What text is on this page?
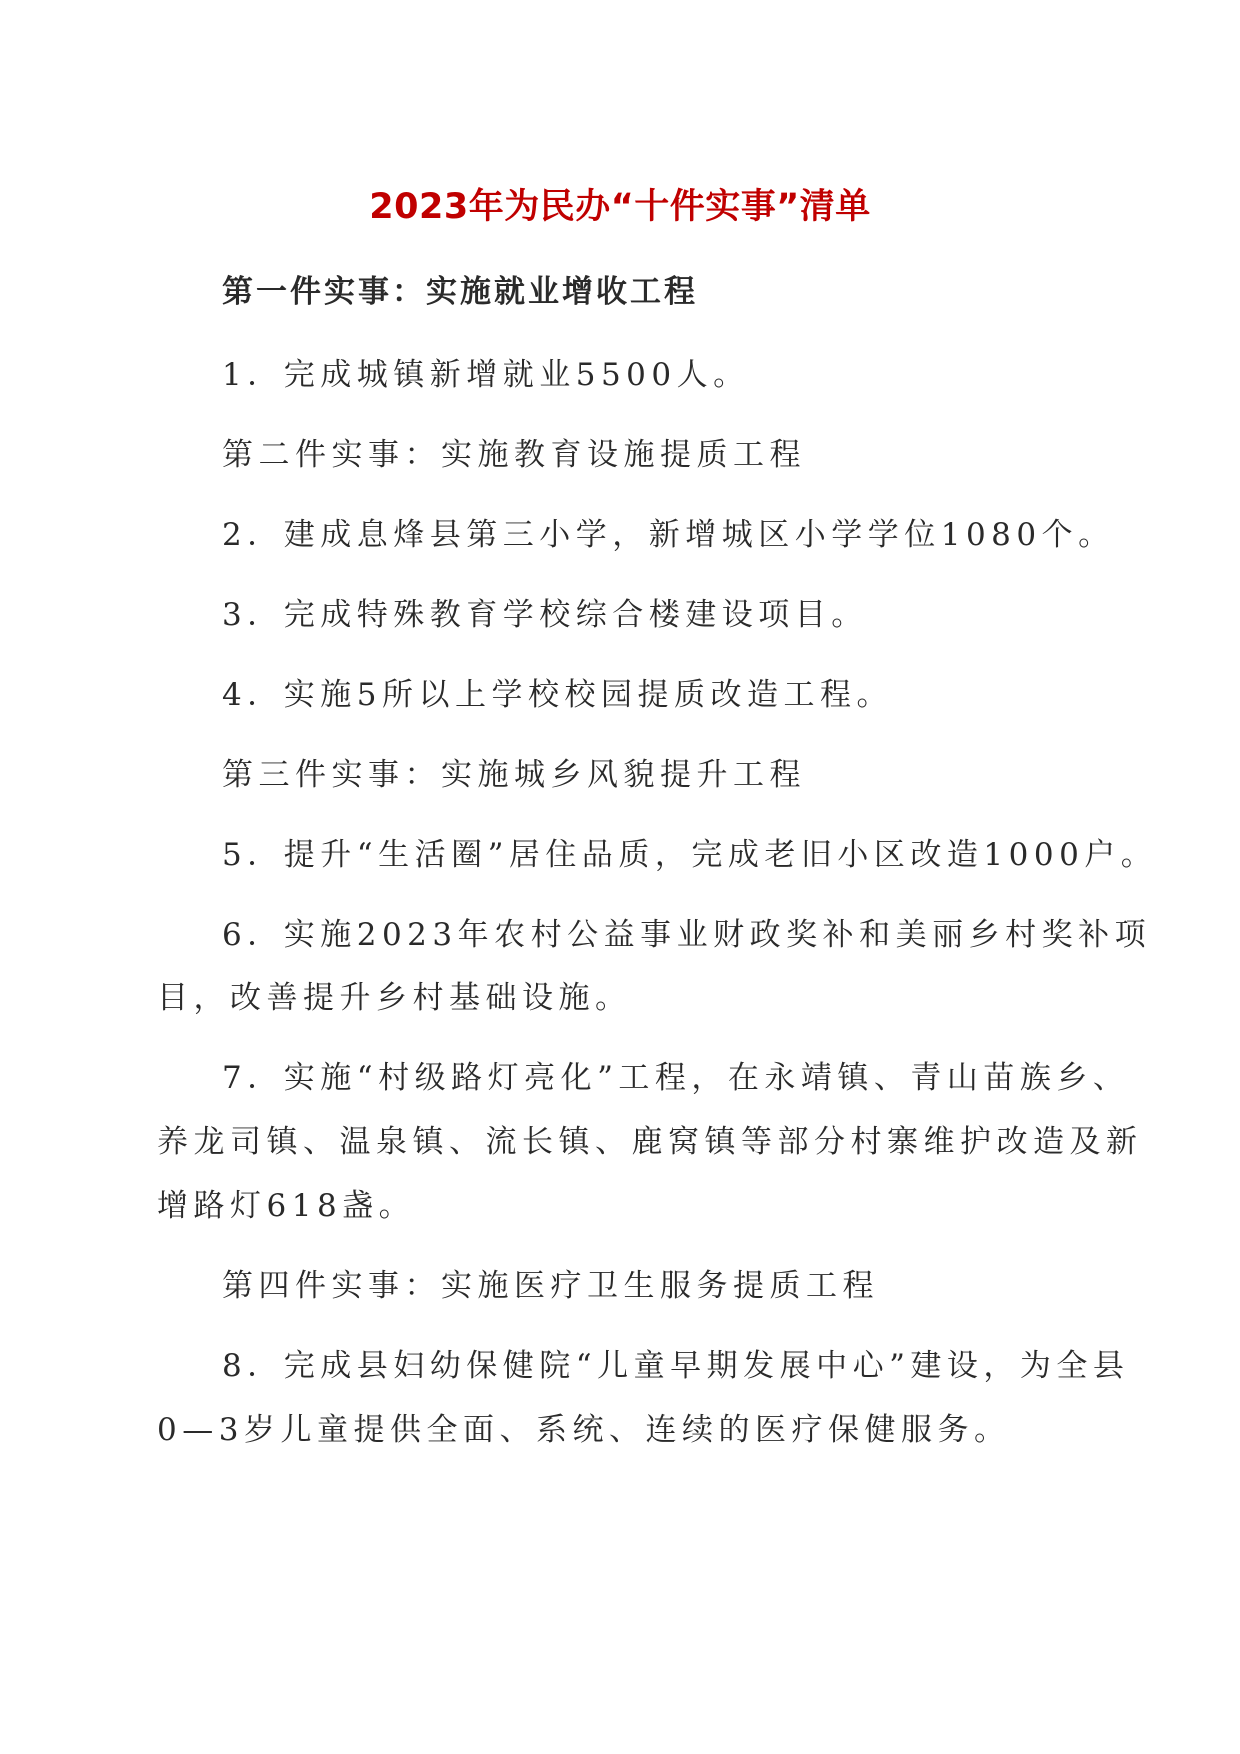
2023年为民办“十件实事”清单
第一件实事：实施就业增收工程
1．完成城镇新增就业5500人。
第二件实事：实施教育设施提质工程
2．建成息烽县第三小学，新增城区小学学位1080个。
3．完成特殊教育学校综合楼建设项目。
4．实施5所以上学校校园提质改造工程。
第三件实事：实施城乡风貌提升工程
5．提升“生活圈”居住品质，完成老旧小区改造1000户。
6．实施2023年农村公益事业财政奖补和美丽乡村奖补项
目，改善提升乡村基础设施。
7．实施“村级路灯亮化”工程，在永靖镇、青山苗族乡、
养龙司镇、温泉镇、流长镇、鹿窝镇等部分村寨维护改造及新
增路灯618盏。
第四件实事：实施医疗卫生服务提质工程
8．完成县妇幼保健院“儿童早期发展中心”建设，为全县
0—3岁儿童提供全面、系统、连续的医疗保健服务。
